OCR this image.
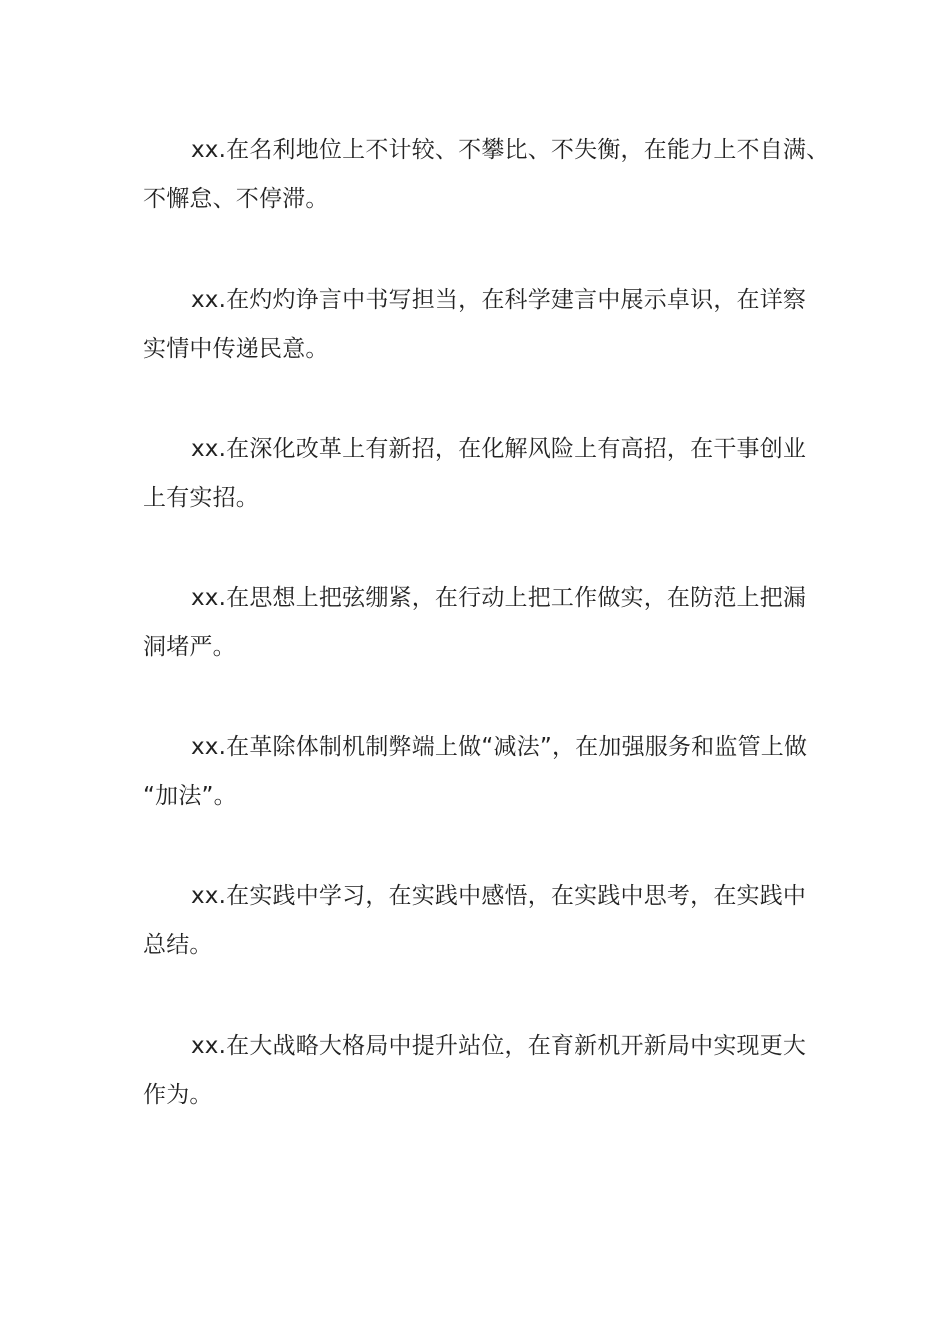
xx.在名利地位上不计较、不攀比、不失衡，在能力上不自满、
不懈怠、不停滞。

xx.在灼灼诤言中书写担当，在科学建言中展示卓识，在详察
实情中传递民意。

xx.在深化改革上有新招，在化解风险上有高招，在干事创业
上有实招。

xx.在思想上把弦绷紧，在行动上把工作做实，在防范上把漏
洞堵严。

xx.在革除体制机制弊端上做“减法”，在加强服务和监管上做
“加法”。

xx.在实践中学习，在实践中感悟，在实践中思考，在实践中
总结。

xx.在大战略大格局中提升站位，在育新机开新局中实现更大
作为。
